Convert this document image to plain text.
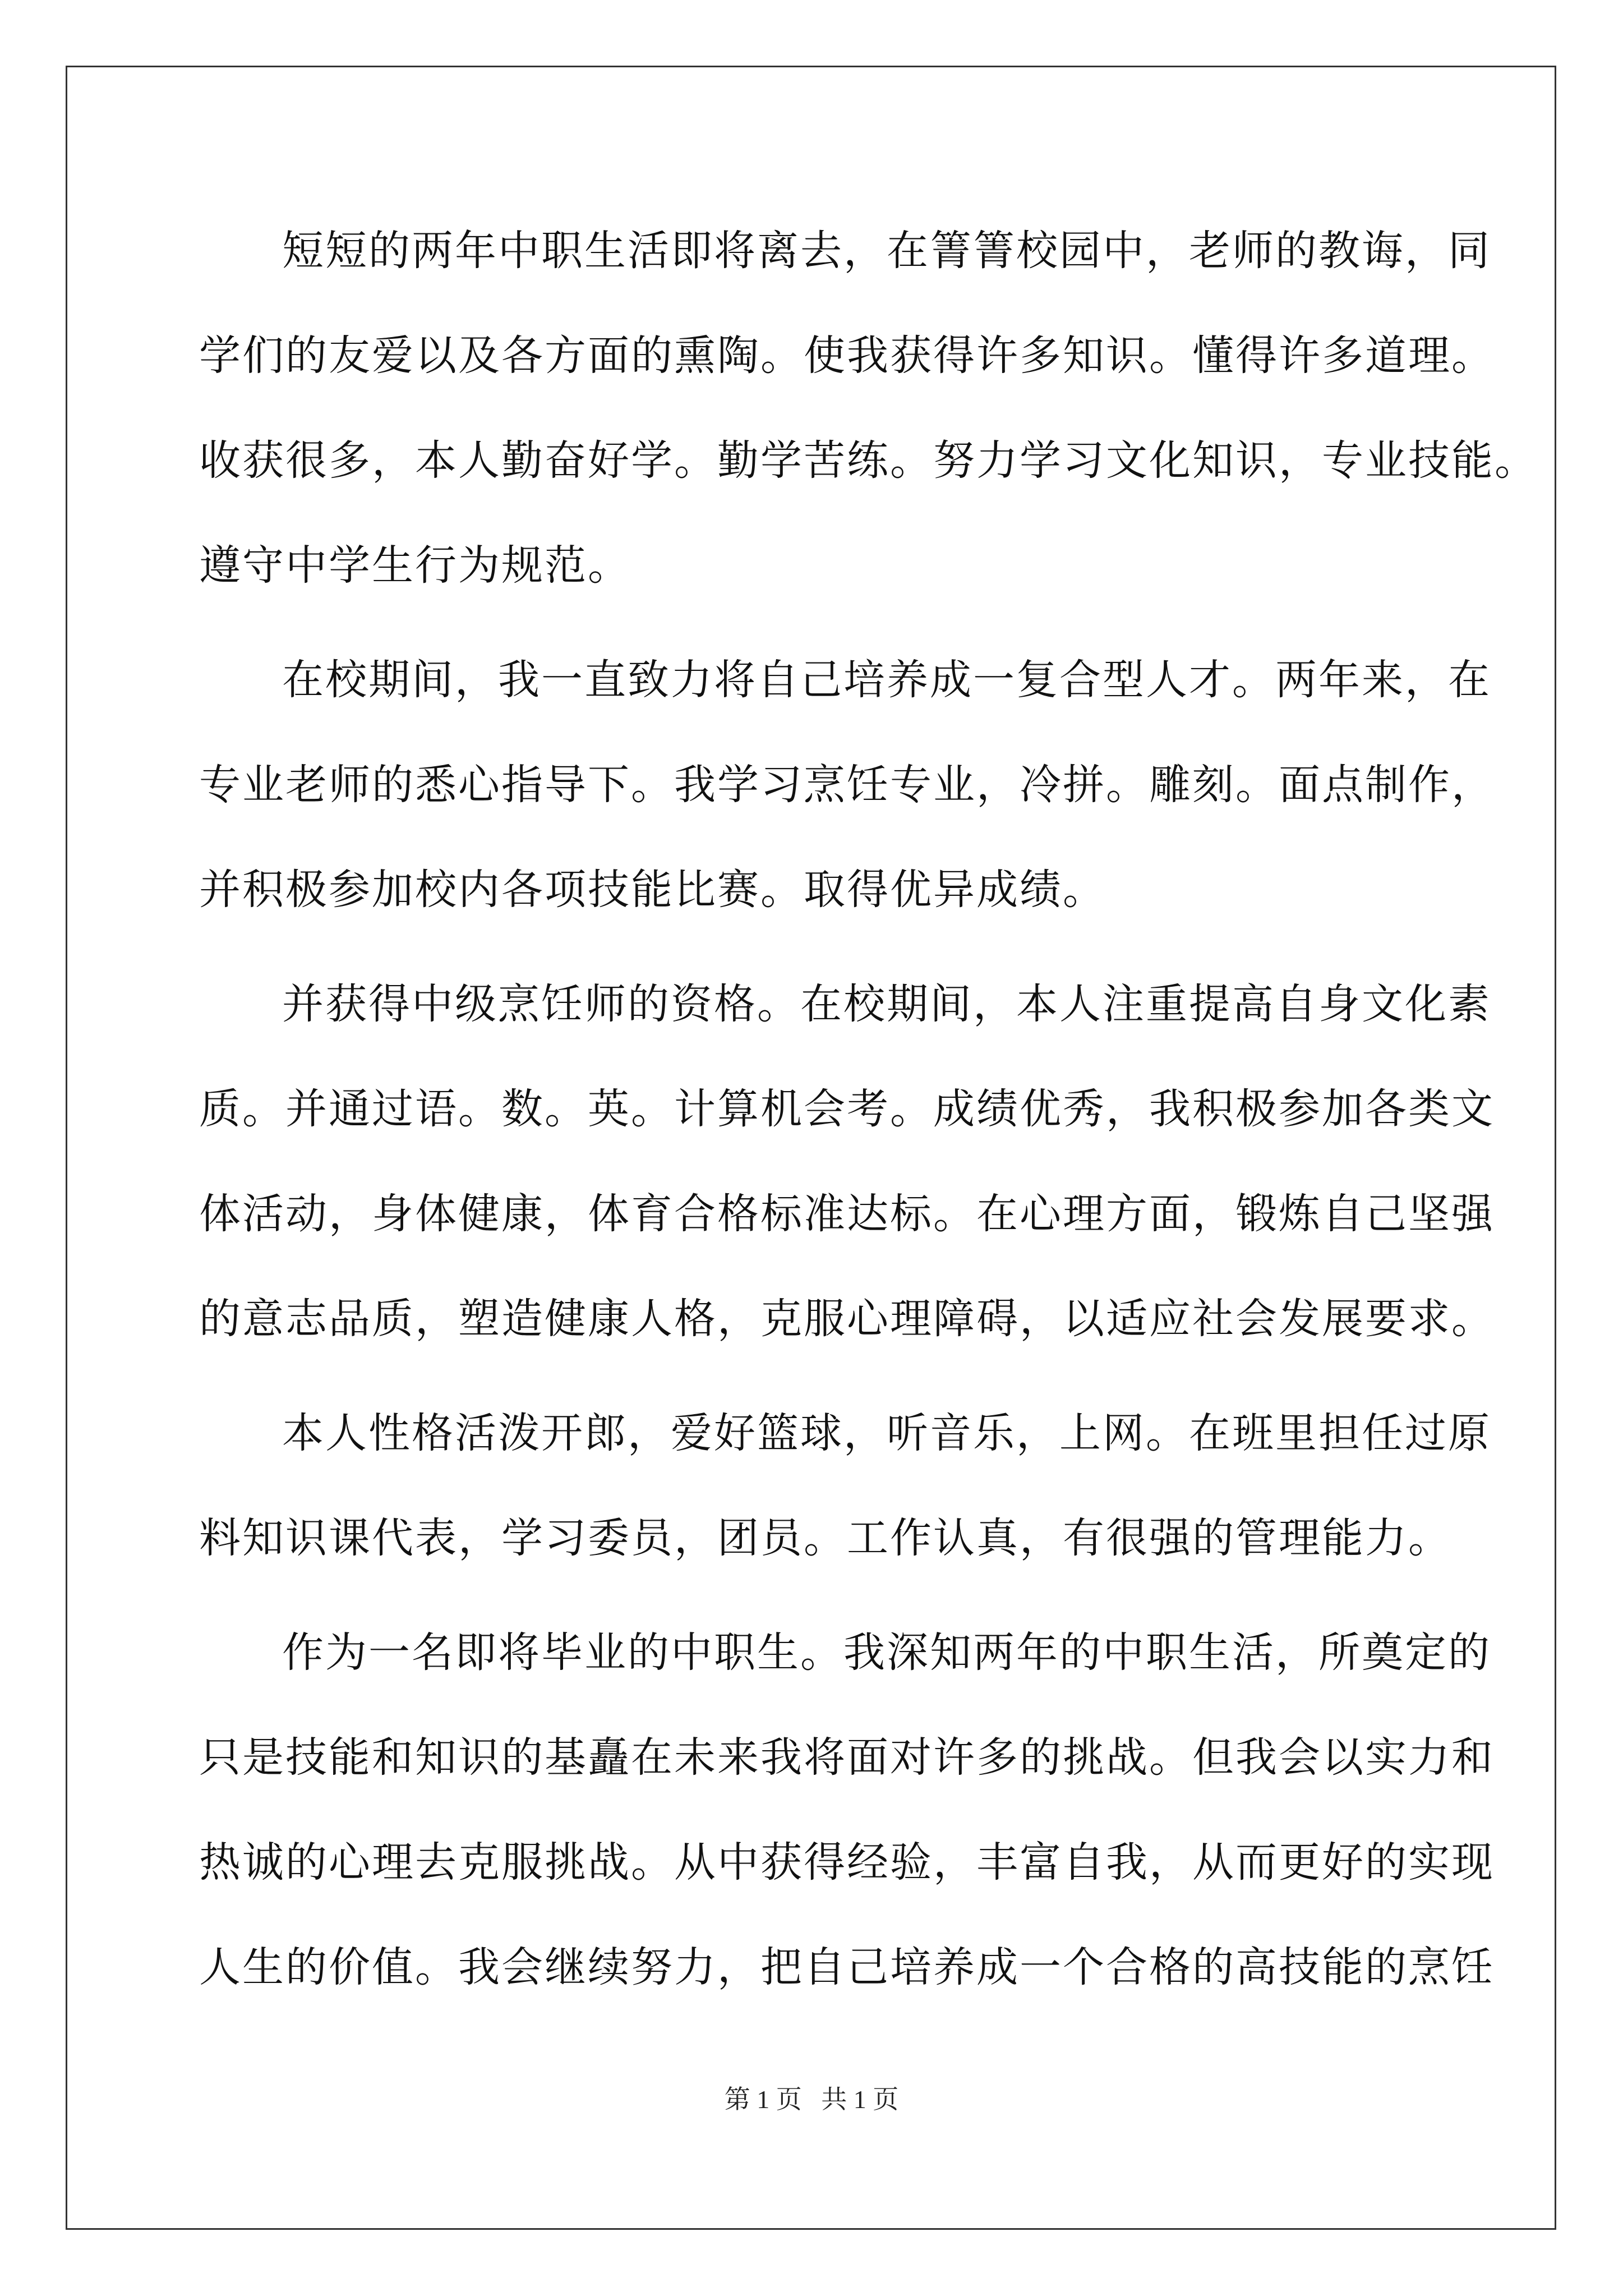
短短的两年中职生活即将离去，在箐箐校园中，老师的教诲，同

学们的友爱以及各方面的熏陶。使我获得许多知识。懂得许多道理。

收获很多，本人勤奋好学。勤学苦练。努力学习文化知识，专业技能。

遵守中学生行为规范。

在校期间，我一直致力将自己培养成一复合型人才。两年来，在

专业老师的悉心指导下。我学习烹饪专业，冷拼。雕刻。面点制作，

并积极参加校内各项技能比赛。取得优异成绩。

并获得中级烹饪师的资格。在校期间，本人注重提高自身文化素

质。并通过语。数。英。计算机会考。成绩优秀，我积极参加各类文

体活动，身体健康，体育合格标准达标。在心理方面，锻炼自己坚强

的意志品质，塑造健康人格，克服心理障碍，以适应社会发展要求。

本人性格活泼开郎，爱好篮球，听音乐，上网。在班里担任过原

料知识课代表，学习委员，团员。工作认真，有很强的管理能力。

作为一名即将毕业的中职生。我深知两年的中职生活，所奠定的

只是技能和知识的基矗在未来我将面对许多的挑战。但我会以实力和

热诚的心理去克服挑战。从中获得经验，丰富自我，从而更好的实现

人生的价值。我会继续努力，把自己培养成一个合格的高技能的烹饪

第 1 页   共 1 页
